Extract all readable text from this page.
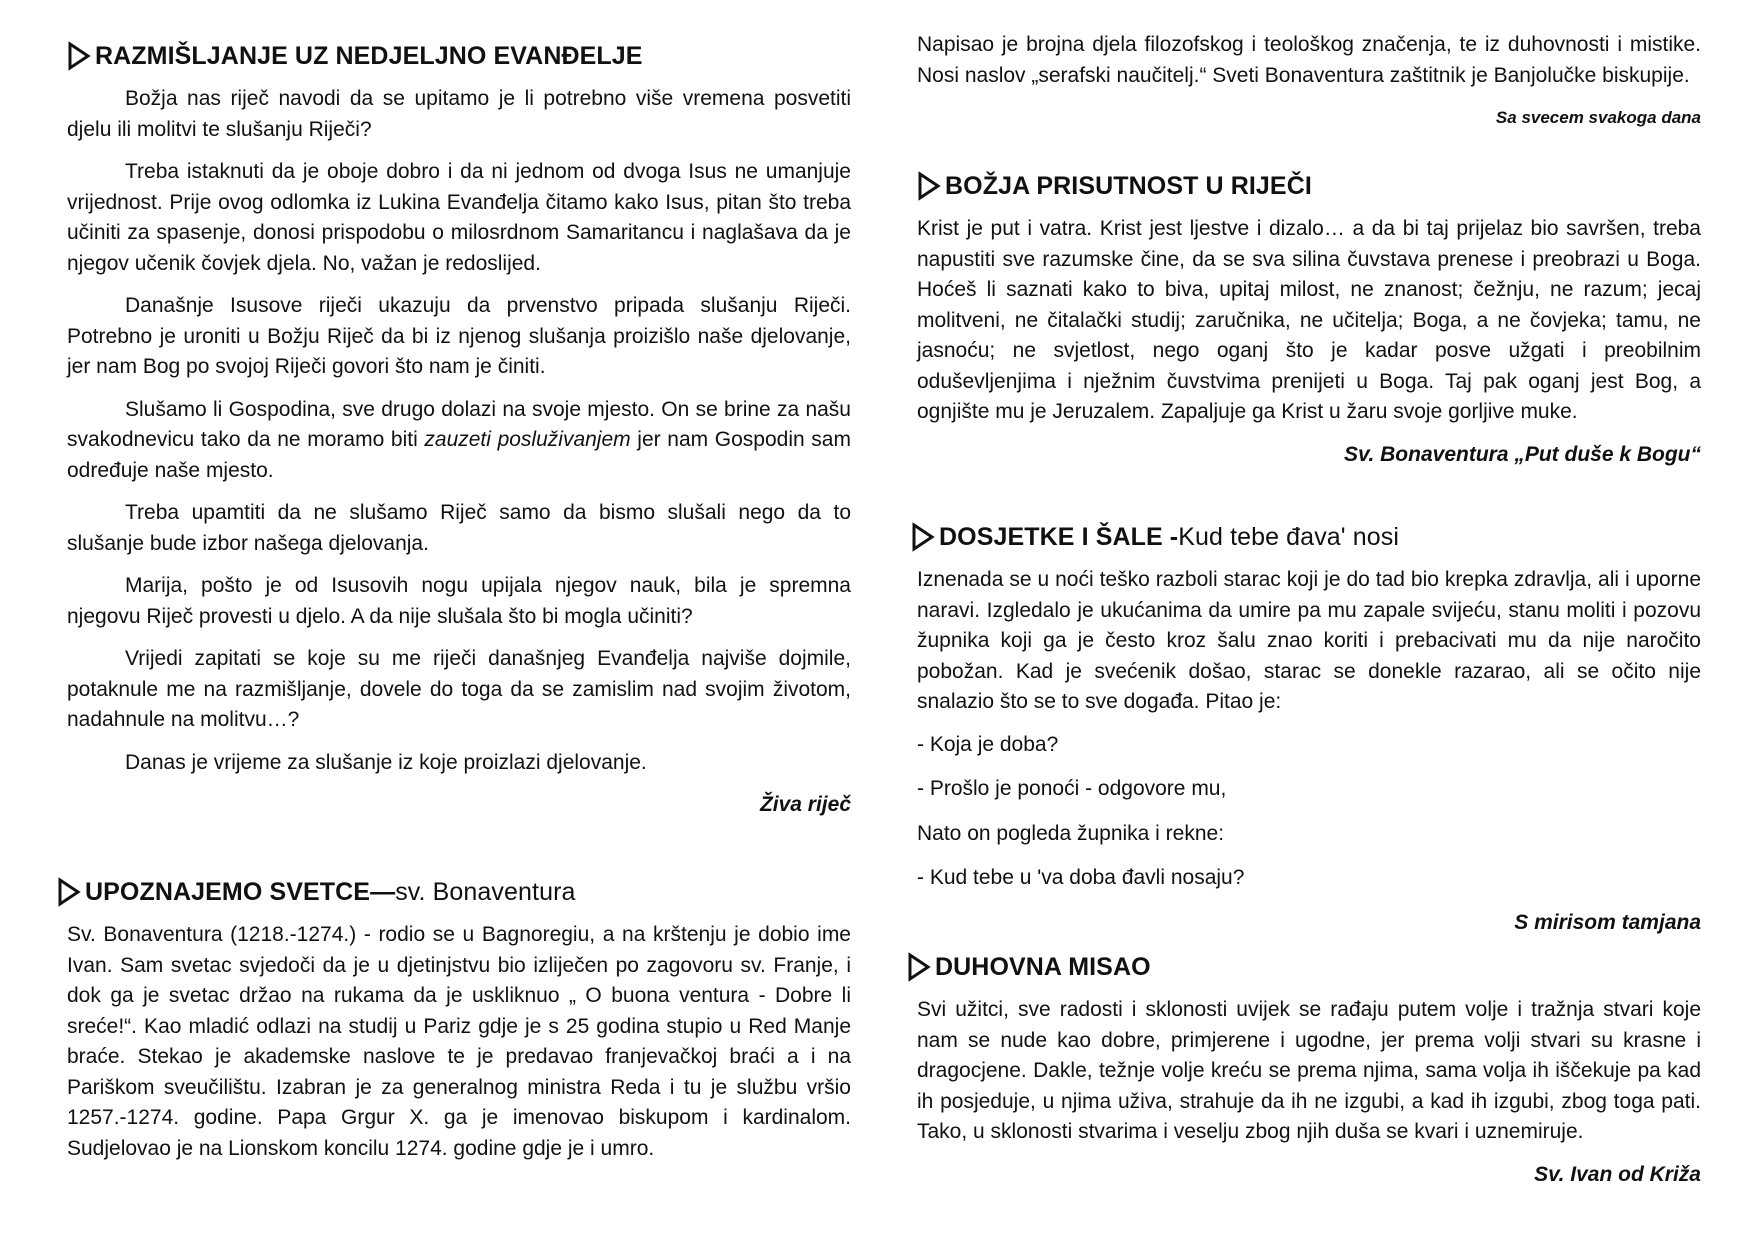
RAZMIŠLJANJE UZ NEDJELJNO EVANĐELJE

Božja nas riječ navodi da se upitamo je li potrebno više vremena posvetiti djelu ili molitvi te slušanju Riječi?

Treba istaknuti da je oboje dobro i da ni jednom od dvoga Isus ne umanjuje vrijednost. Prije ovog odlomka iz Lukina Evanđelja čitamo kako Isus, pitan što treba učiniti za spasenje, donosi prispodobu o milosrdnom Samaritancu i naglašava da je njegov učenik čovjek djela. No, važan je redoslijed.

Današnje Isusove riječi ukazuju da prvenstvo pripada slušanju Riječi. Potrebno je uroniti u Božju Riječ da bi iz njenog slušanja proizišlo naše djelovanje, jer nam Bog po svojoj Riječi govori što nam je činiti.

Slušamo li Gospodina, sve drugo dolazi na svoje mjesto. On se brine za našu svakodnevicu tako da ne moramo biti zauzeti posluživanjem jer nam Gospodin sam određuje naše mjesto.

Treba upamtiti da ne slušamo Riječ samo da bismo slušali nego da to slušanje bude izbor našega djelovanja.

Marija, pošto je od Isusovih nogu upijala njegov nauk, bila je spremna njegovu Riječ provesti u djelo. A da nije slušala što bi mogla učiniti?

Vrijedi zapitati se koje su me riječi današnjeg Evanđelja najviše dojmile, potaknule me na razmišljanje, dovele do toga da se zamislim nad svojim životom, nadahnule na molitvu…?

Danas je vrijeme za slušanje iz koje proizlazi djelovanje.

Živa riječ
UPOZNAJEMO SVETCE— sv. Bonaventura

Sv. Bonaventura (1218.-1274.) - rodio se u Bagnoregiu, a na krštenju je dobio ime Ivan. Sam svetac svjedoči da je u djetinjstvu bio izliječen po zagovoru sv. Franje, i dok ga je svetac držao na rukama da je uskliknuo „ O buona ventura - Dobre li sreće!“. Kao mladić odlazi na studij u Pariz gdje je s 25 godina stupio u Red Manje braće. Stekao je akademske naslove te je predavao franjevačkoj braći a i na Pariškom sveučilištu. Izabran je za generalnog ministra Reda i tu je službu vršio 1257.-1274. godine. Papa Grgur X. ga je imenovao biskupom i kardinalom. Sudjelovao je na Lionskom koncilu 1274. godine gdje je i umro.

Napisao je brojna djela filozofskog i teološkog značenja, te iz duhovnosti i mistike. Nosi naslov „serafski naučitelj.“ Sveti Bonaventura zaštitnik je Banjolučke biskupije.

Sa svecem svakoga dana
BOŽJA PRISUTNOST U RIJEČI

Krist je put i vatra. Krist jest ljestve i dizalo… a da bi taj prijelaz bio savršen, treba napustiti sve razumske čine, da se sva silina čuvstava prenese i preobrazi u Boga. Hoćeš li saznati kako to biva, upitaj milost, ne znanost; čežnju, ne razum; jecaj molitveni, ne čitalački studij; zaručnika, ne učitelja; Boga, a ne čovjeka; tamu, ne jasnoću; ne svjetlost, nego oganj što je kadar posve užgati i preobilnim oduševljenjima i nježnim čuvstvima prenijeti u Boga. Taj pak oganj jest Bog, a ognjište mu je Jeruzalem. Zapaljuje ga Krist u žaru svoje gorljive muke.

Sv. Bonaventura „Put duše k Bogu“
DOSJETKE I ŠALE - Kud tebe đava' nosi

Iznenada se u noći teško razboli starac koji je do tad bio krepka zdravlja, ali i uporne naravi. Izgledalo je ukućanima da umire pa mu zapale svijeću, stanu moliti i pozovu župnika koji ga je često kroz šalu znao koriti i prebacivati mu da nije naročito pobožan. Kad je svećenik došao, starac se donekle razarao, ali se očito nije snalazio što se to sve događa. Pitao je:

- Koja je doba?

- Prošlo je ponoći - odgovore mu,

Nato on pogleda župnika i rekne:

- Kud tebe u 'va doba đavli nosaju?

S mirisom tamjana
DUHOVNA MISAO

Svi užitci, sve radosti i sklonosti uvijek se rađaju putem volje i tražnja stvari koje nam se nude kao dobre, primjerene i ugodne, jer prema volji stvari su krasne i dragocjene. Dakle, težnje volje kreću se prema njima, sama volja ih iščekuje pa kad ih posjeduje, u njima uživa, strahuje da ih ne izgubi, a kad ih izgubi, zbog toga pati. Tako, u sklonosti stvarima i veselju zbog njih duša se kvari i uznemiruje.

Sv. Ivan od Križa
